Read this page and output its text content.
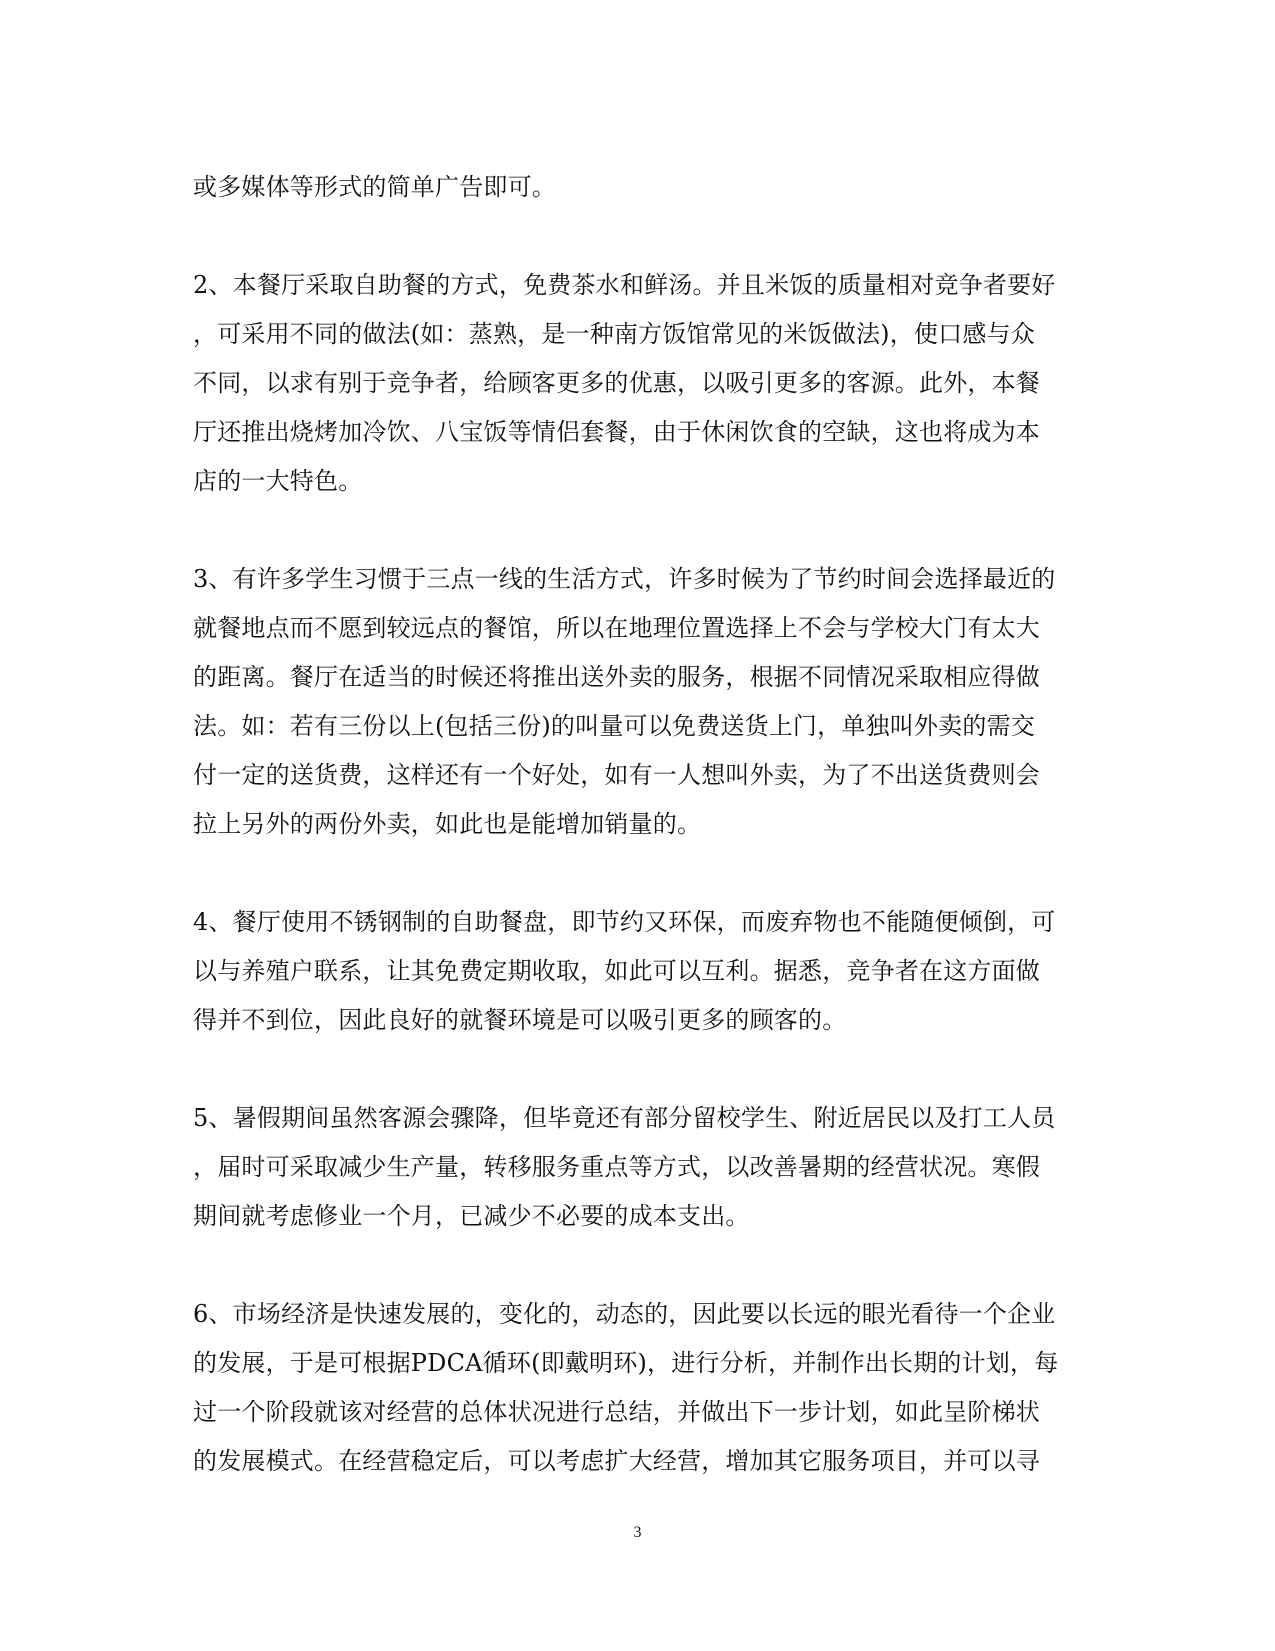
或多媒体等形式的简单广告即可。
2、本餐厅采取自助餐的方式，免费茶水和鲜汤。并且米饭的质量相对竞争者要好
，可采用不同的做法(如：蒸熟，是一种南方饭馆常见的米饭做法)，使口感与众
不同，以求有别于竞争者，给顾客更多的优惠，以吸引更多的客源。此外，本餐
厅还推出烧烤加冷饮、八宝饭等情侣套餐，由于休闲饮食的空缺，这也将成为本
店的一大特色。
3、有许多学生习惯于三点一线的生活方式，许多时候为了节约时间会选择最近的
就餐地点而不愿到较远点的餐馆，所以在地理位置选择上不会与学校大门有太大
的距离。餐厅在适当的时候还将推出送外卖的服务，根据不同情况采取相应得做
法。如：若有三份以上(包括三份)的叫量可以免费送货上门，单独叫外卖的需交
付一定的送货费，这样还有一个好处，如有一人想叫外卖，为了不出送货费则会
拉上另外的两份外卖，如此也是能增加销量的。
4、餐厅使用不锈钢制的自助餐盘，即节约又环保，而废弃物也不能随便倾倒，可
以与养殖户联系，让其免费定期收取，如此可以互利。据悉，竞争者在这方面做
得并不到位，因此良好的就餐环境是可以吸引更多的顾客的。
5、暑假期间虽然客源会骤降，但毕竟还有部分留校学生、附近居民以及打工人员
，届时可采取减少生产量，转移服务重点等方式，以改善暑期的经营状况。寒假
期间就考虑修业一个月，已减少不必要的成本支出。
6、市场经济是快速发展的，变化的，动态的，因此要以长远的眼光看待一个企业
的发展，于是可根据PDCA循环(即戴明环)，进行分析，并制作出长期的计划，每
过一个阶段就该对经营的总体状况进行总结，并做出下一步计划，如此呈阶梯状
的发展模式。在经营稳定后，可以考虑扩大经营，增加其它服务项目，并可以寻
3
